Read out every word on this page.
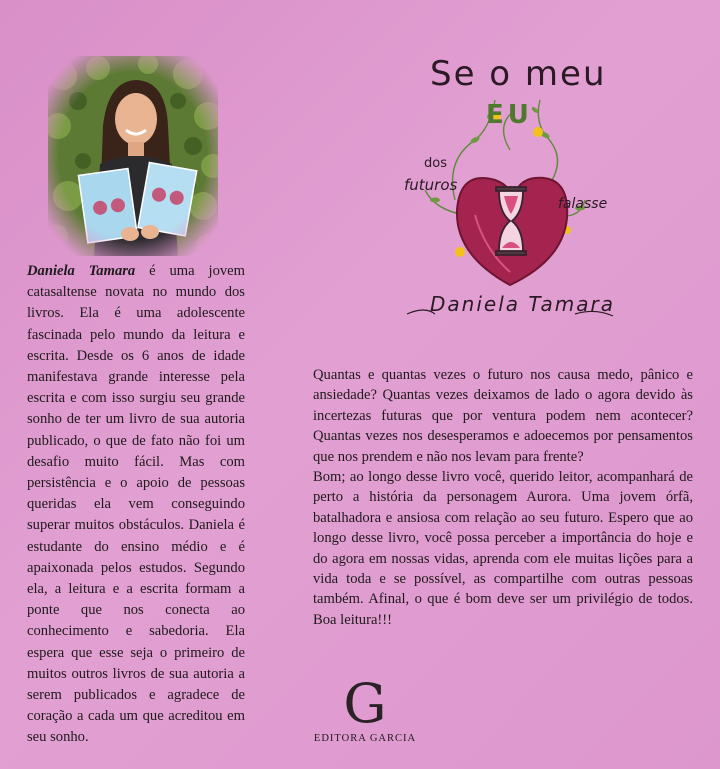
Daniela Tamara é uma jovem catasaltense novata no mundo dos livros. Ela é uma adolescente fascinada pelo mundo da leitura e escrita. Desde os 6 anos de idade manifestava grande interesse pela escrita e com isso surgiu seu grande sonho de ter um livro de sua autoria publicado, o que de fato não foi um desafio muito fácil. Mas com persistência e o apoio de pessoas queridas ela vem conseguindo superar muitos obstáculos. Daniela é estudante do ensino médio e é apaixonada pelos estudos. Segundo ela, a leitura e a escrita formam a ponte que nos conecta ao conhecimento e sabedoria. Ela espera que esse seja o primeiro de muitos outros livros de sua autoria a serem publicados e agradece de coração a cada um que acreditou em seu sonho.

Se o meu
EU
dos
futuros
falasse
Daniela Tamara

Quantas e quantas vezes o futuro nos causa medo, pânico e ansiedade? Quantas vezes deixamos de lado o agora devido às incertezas futuras que por ventura podem nem acontecer? Quantas vezes nos desesperamos e adoecemos por pensamentos que nos prendem e não nos levam para frente?

Bom; ao longo desse livro você, querido leitor, acompanhará de perto a história da personagem Aurora. Uma jovem órfã, batalhadora e ansiosa com relação ao seu futuro. Espero que ao longo desse livro, você possa perceber a importância do hoje e do agora em nossas vidas, aprenda com ele muitas lições para a vida toda e se possível, as compartilhe com outras pessoas também. Afinal, o que é bom deve ser um privilégio de todos. Boa leitura!!!

G
EDITORA GARCIA
